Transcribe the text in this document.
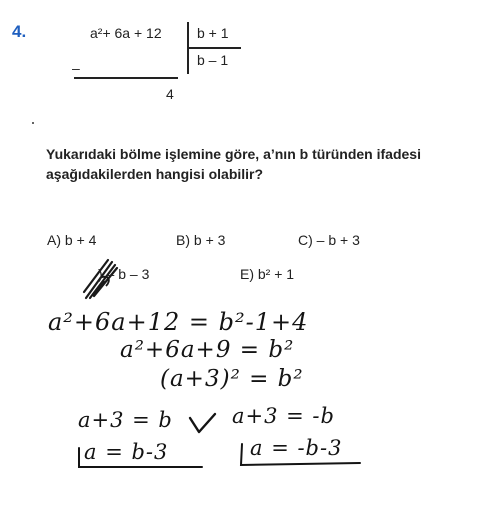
4.	a²+ 6a + 12	b + 1
b – 1
–
4
Yukarıdaki bölme işlemine göre, a’nın b türünden ifadesi aşağıdakilerden hangisi olabilir?
A) b + 4	B) b + 3	C) – b + 3
) – b – 3	E) b² + 1
a²+6a+12 = b²-1+4
a²+6a+9 = b²
(a+3)² = b²
a+3 = b	a+3 = -b
a = b-3	a = -b-3
